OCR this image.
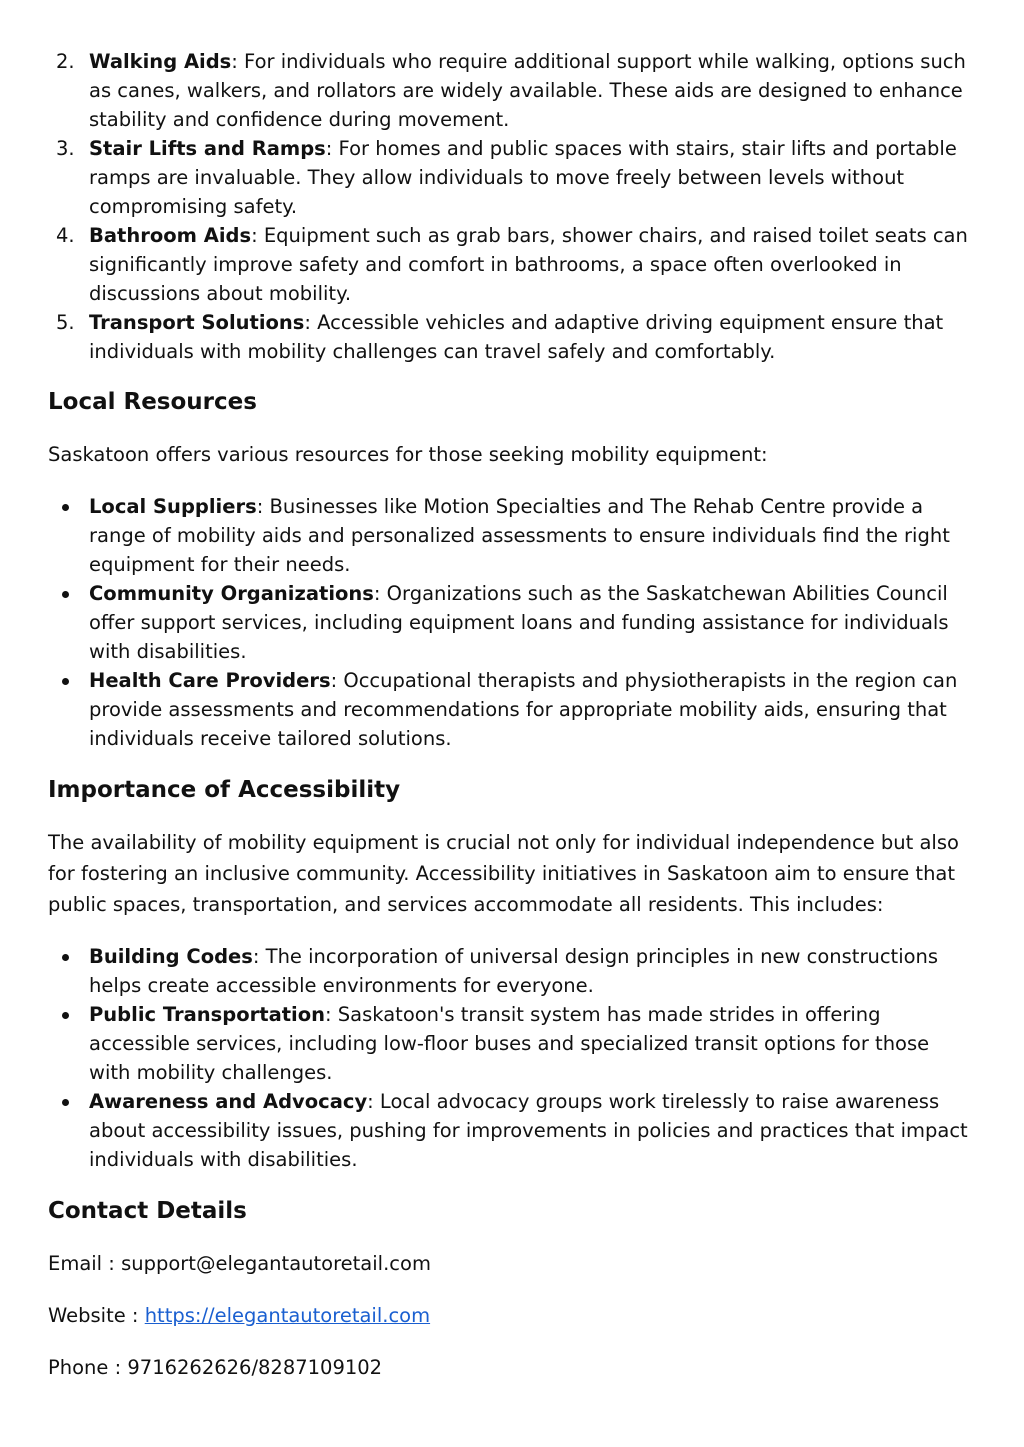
2. Walking Aids: For individuals who require additional support while walking, options such as canes, walkers, and rollators are widely available. These aids are designed to enhance stability and confidence during movement.
3. Stair Lifts and Ramps: For homes and public spaces with stairs, stair lifts and portable ramps are invaluable. They allow individuals to move freely between levels without compromising safety.
4. Bathroom Aids: Equipment such as grab bars, shower chairs, and raised toilet seats can significantly improve safety and comfort in bathrooms, a space often overlooked in discussions about mobility.
5. Transport Solutions: Accessible vehicles and adaptive driving equipment ensure that individuals with mobility challenges can travel safely and comfortably.
Local Resources

Saskatoon offers various resources for those seeking mobility equipment:

Local Suppliers: Businesses like Motion Specialties and The Rehab Centre provide a range of mobility aids and personalized assessments to ensure individuals find the right equipment for their needs.
Community Organizations: Organizations such as the Saskatchewan Abilities Council offer support services, including equipment loans and funding assistance for individuals with disabilities.
Health Care Providers: Occupational therapists and physiotherapists in the region can provide assessments and recommendations for appropriate mobility aids, ensuring that individuals receive tailored solutions.
Importance of Accessibility

The availability of mobility equipment is crucial not only for individual independence but also for fostering an inclusive community. Accessibility initiatives in Saskatoon aim to ensure that public spaces, transportation, and services accommodate all residents. This includes:

Building Codes: The incorporation of universal design principles in new constructions helps create accessible environments for everyone.
Public Transportation: Saskatoon's transit system has made strides in offering accessible services, including low-floor buses and specialized transit options for those with mobility challenges.
Awareness and Advocacy: Local advocacy groups work tirelessly to raise awareness about accessibility issues, pushing for improvements in policies and practices that impact individuals with disabilities.
Contact Details

Email : support@elegantautoretail.com

Website : https://elegantautoretail.com

Phone : 9716262626/8287109102
